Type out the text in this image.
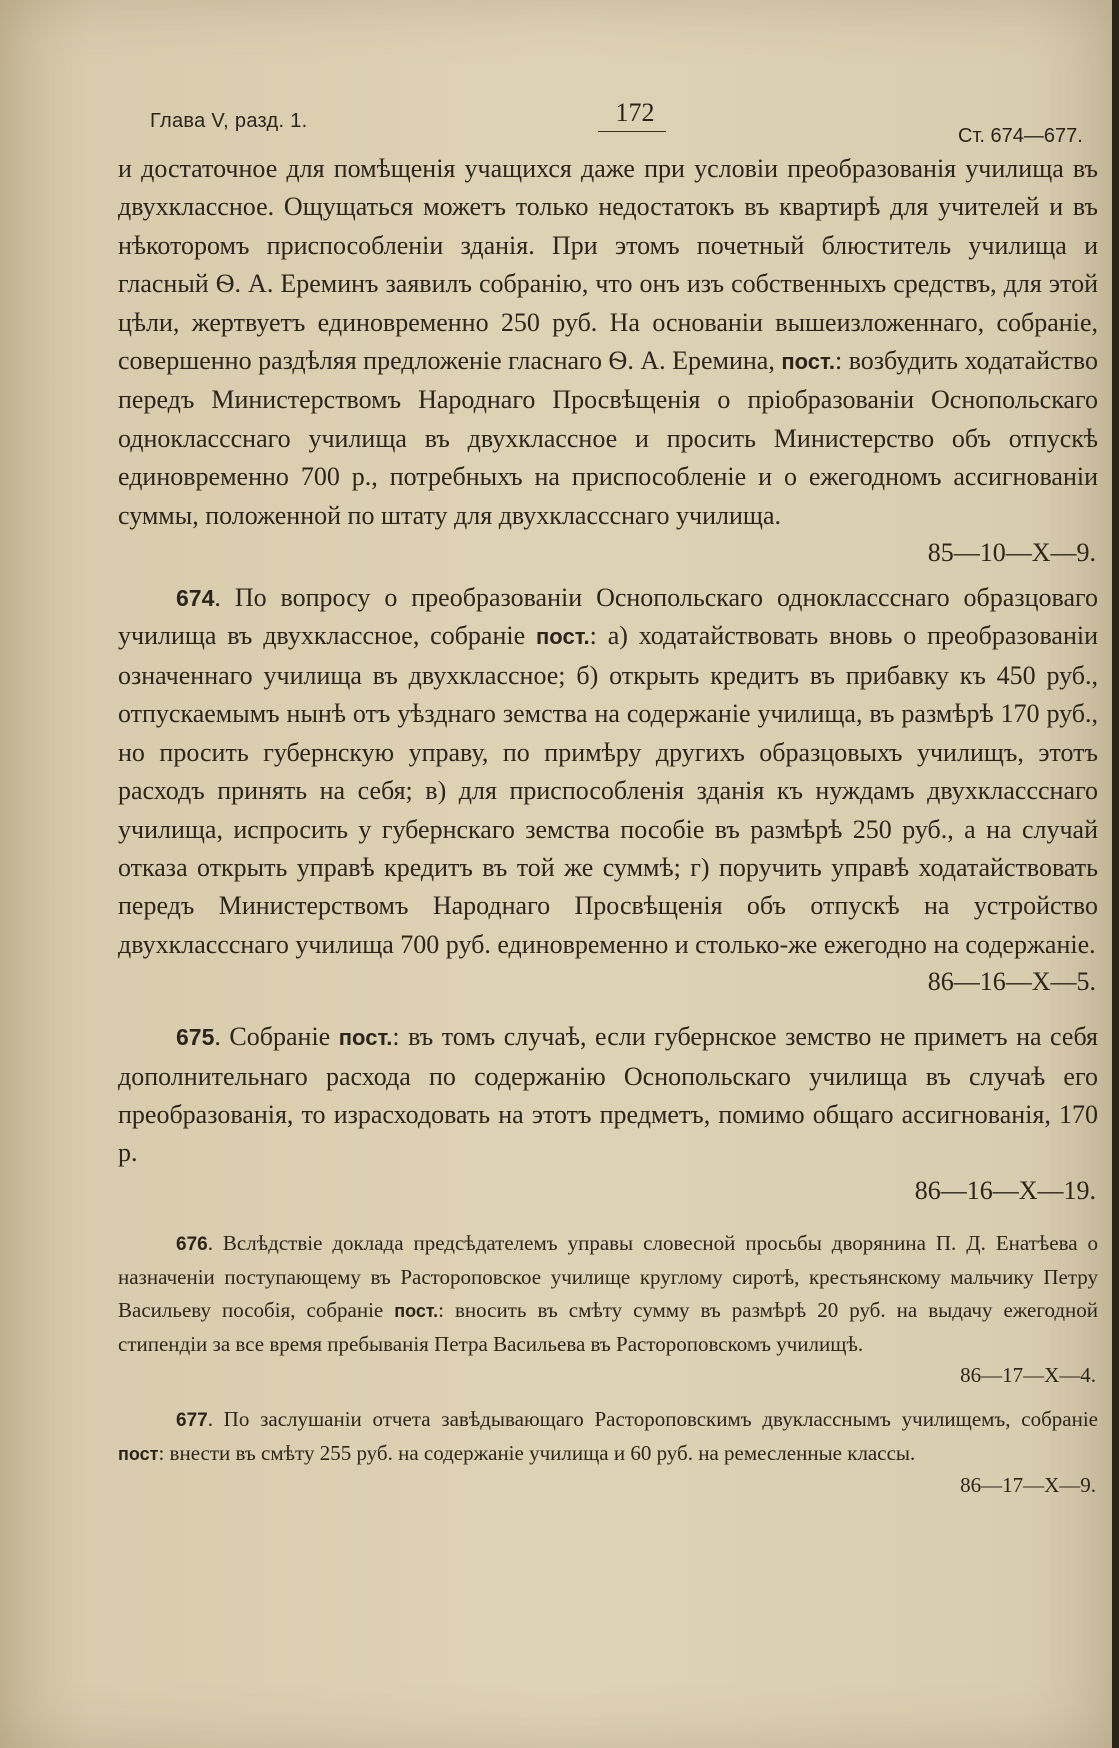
Глава V, разд. 1.	172
Ст. 674—677.

и достаточное для помѣщенія учащихся даже при условіи преобразованія училища въ двухклассное. Ощущаться можетъ только недостатокъ въ квартирѣ для учителей и въ нѣкоторомъ приспособленіи зданія. При этомъ почетный блюститель училища и гласный Ѳ. А. Ереминъ заявилъ собранію, что онъ изъ собственныхъ средствъ, для этой цѣли, жертвуетъ единовременно 250 руб. На основаніи вышеизложеннаго, собраніе, совершенно раздѣляя предложеніе гласнаго Ѳ. А. Еремина, пост.: возбудить ходатайство передъ Министерствомъ Народнаго Просвѣщенія о пріобразованіи Оснопольскаго одноклассснаго училища въ двухклассное и просить Министерство объ отпускѣ единовременно 700 р., потребныхъ на приспособленіе и о ежегодномъ ассигнованіи суммы, положенной по штату для двухклассснаго училища.

85—10—Х—9.

674. По вопросу о преобразованіи Оснопольскаго одноклассснаго образцоваго училища въ двухклассное, собраніе пост.: а) ходатайствовать вновь о преобразованіи означеннаго училища въ двухклассное; б) открыть кредитъ въ прибавку къ 450 руб., отпускаемымъ нынѣ отъ уѣзднаго земства на содержаніе училища, въ размѣрѣ 170 руб., но просить губернскую управу, по примѣру другихъ образцовыхъ училищъ, этотъ расходъ принять на себя; в) для приспособленія зданія къ нуждамъ двухклассснаго училища, испросить у губернскаго земства пособіе въ размѣрѣ 250 руб., а на случай отказа открыть управѣ кредитъ въ той же суммѣ; г) поручить управѣ ходатайствовать передъ Министерствомъ Народнаго Просвѣщенія объ отпускѣ на устройство двухклассснаго училища 700 руб. единовременно и столько-же ежегодно на содержаніе.

86—16—Х—5.

675. Собраніе пост.: въ томъ случаѣ, если губернское земство не приметъ на себя дополнительнаго расхода по содержанію Оснопольскаго училища въ случаѣ его преобразованія, то израсходовать на этотъ предметъ, помимо общаго ассигнованія, 170 р.

86—16—Х—19.

676. Вслѣдствіе доклада предсѣдателемъ управы словесной просьбы дворянина П. Д. Енатѣева о назначеніи поступающему въ Растороповское училище круглому сиротѣ, крестьянскому мальчику Петру Васильеву пособія, собраніе пост.: вносить въ смѣту сумму въ размѣрѣ 20 руб. на выдачу ежегодной стипендіи за все время пребыванія Петра Васильева въ Растороповскомъ училищѣ.

86—17—Х—4.

677. По заслушаніи отчета завѣдывающаго Растороповскимъ двукласснымъ училищемъ, собраніе пост: внести въ смѣту 255 руб. на содержаніе училища и 60 руб. на ремесленные классы.

86—17—Х—9.
